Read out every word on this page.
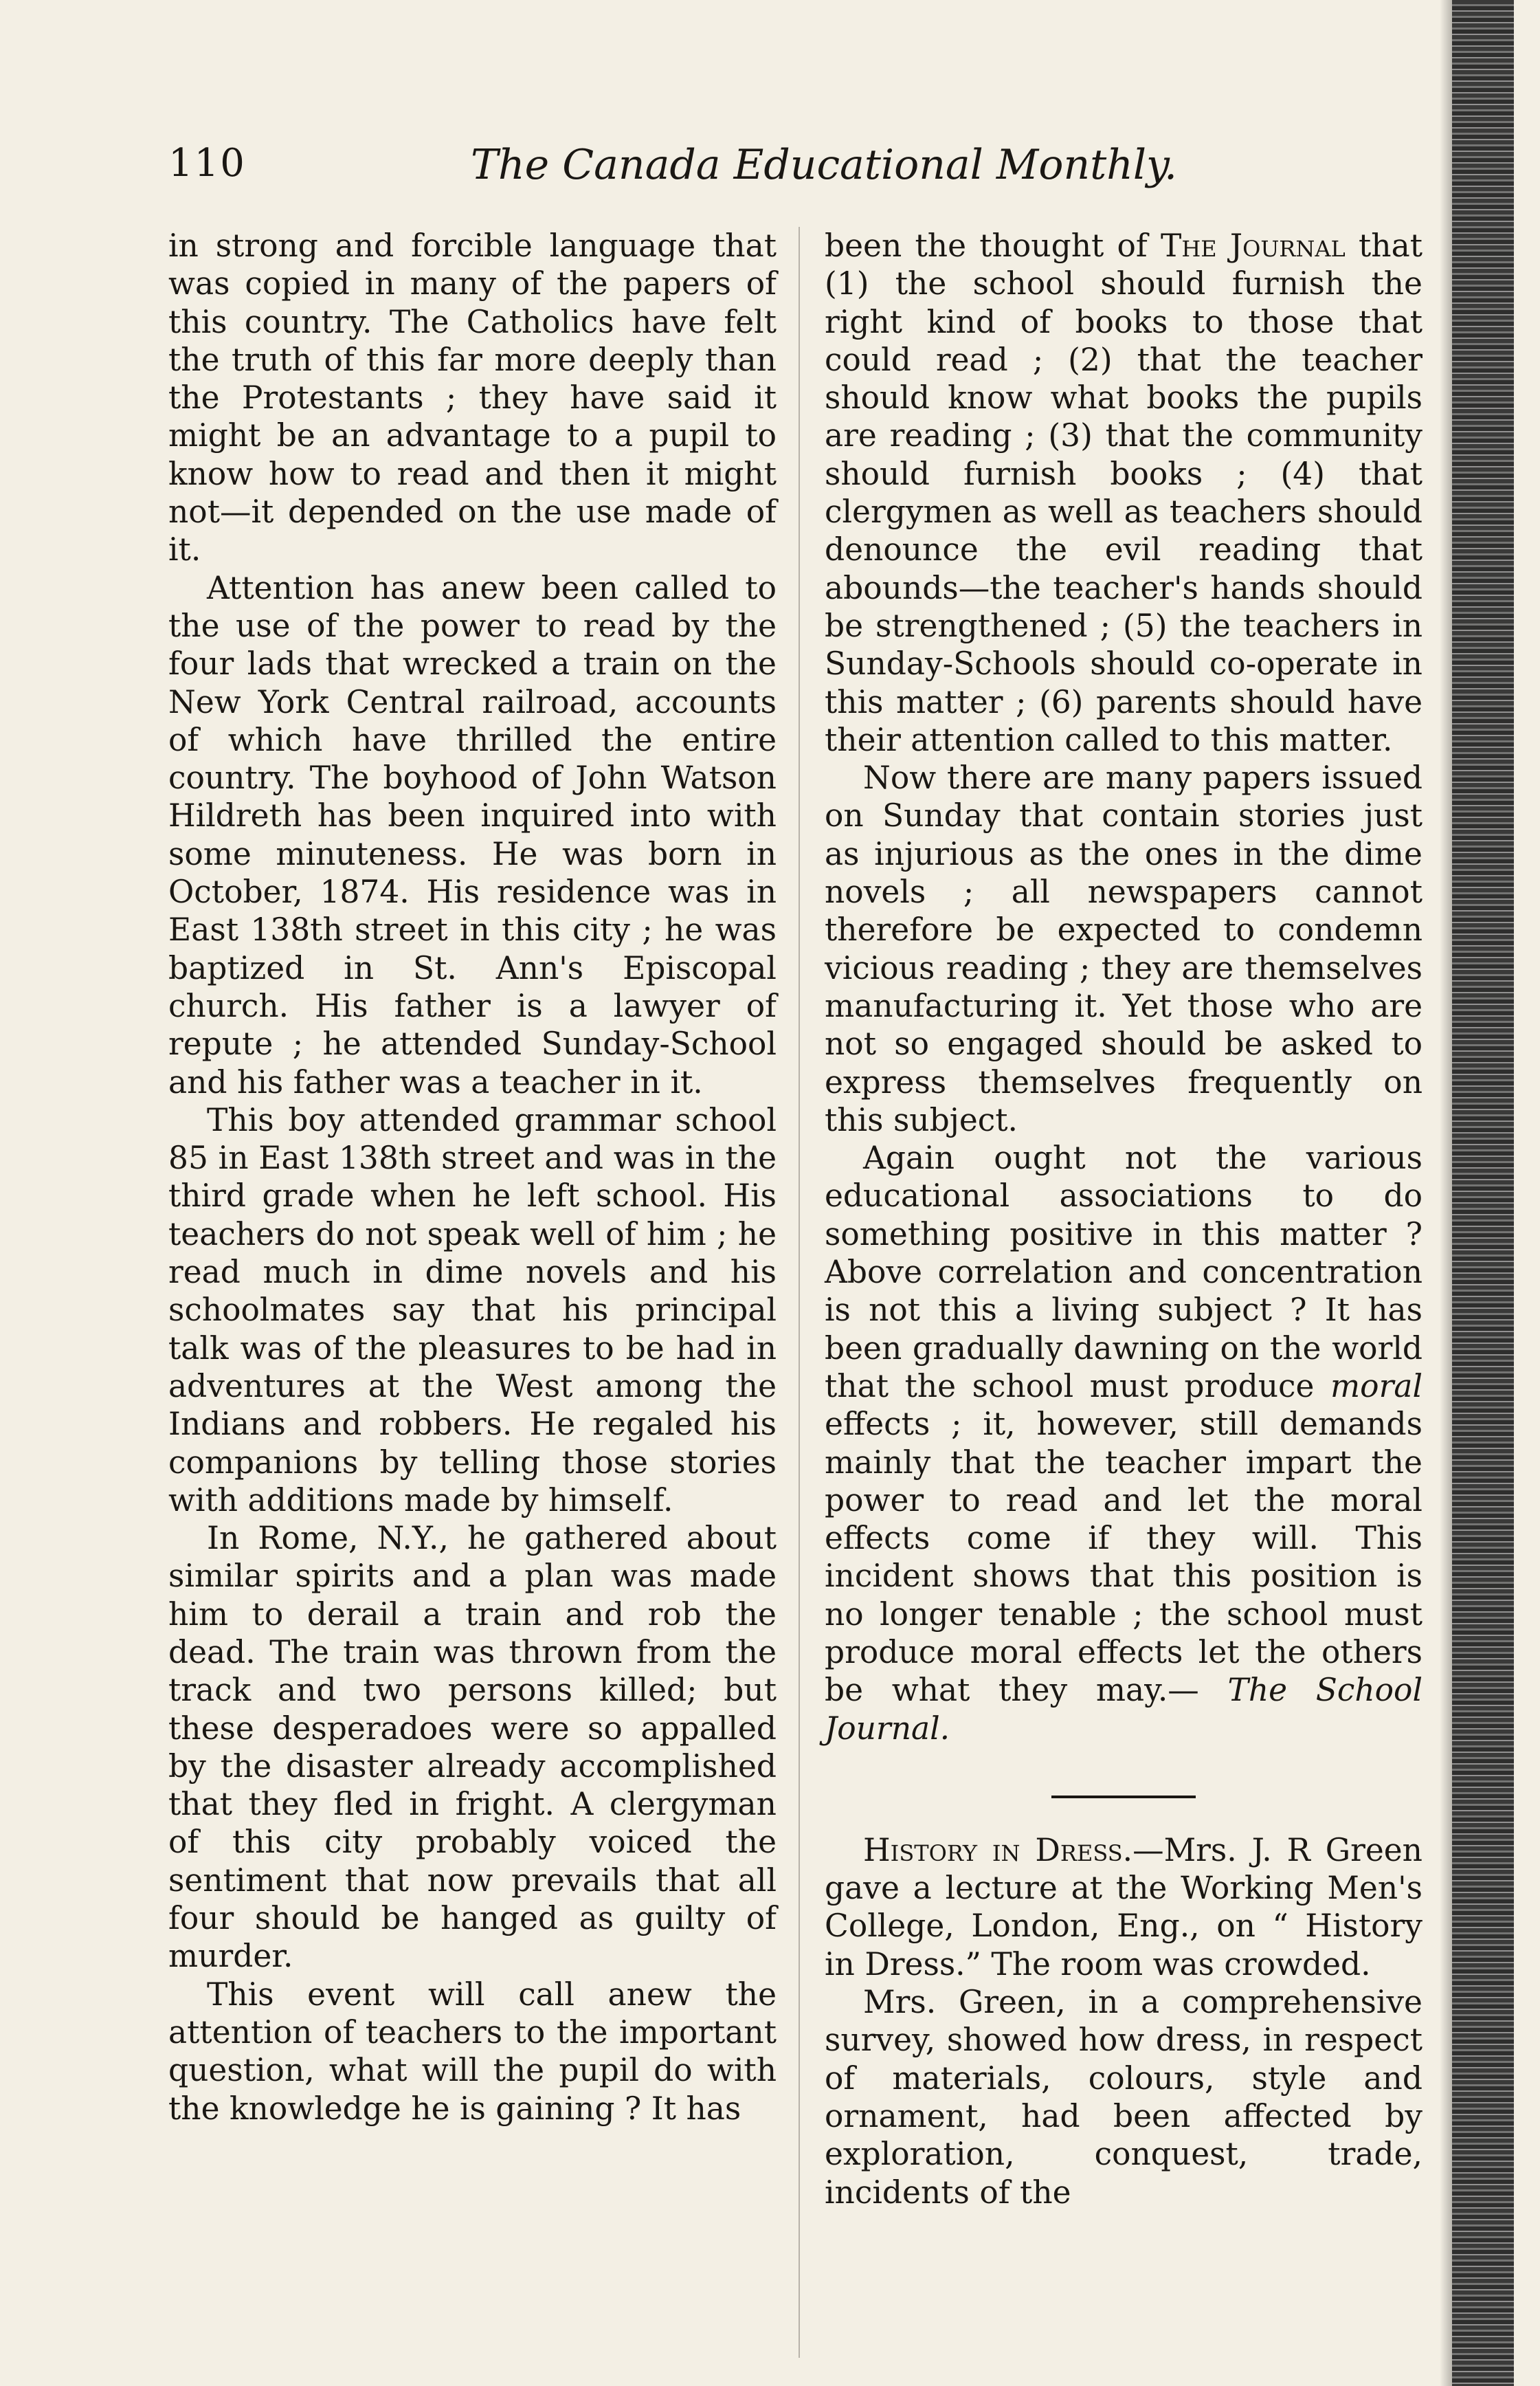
110	The Canada Educational Monthly.

in strong and forcible language that was copied in many of the papers of this country. The Catholics have felt the truth of this far more deeply than the Protestants ; they have said it might be an advantage to a pupil to know how to read and then it might not—it depended on the use made of it.

Attention has anew been called to the use of the power to read by the four lads that wrecked a train on the New York Central railroad, accounts of which have thrilled the entire country. The boyhood of John Watson Hildreth has been inquired into with some minuteness. He was born in October, 1874. His residence was in East 138th street in this city ; he was baptized in St. Ann's Episcopal church. His father is a lawyer of repute ; he attended Sunday-School and his father was a teacher in it.

This boy attended grammar school 85 in East 138th street and was in the third grade when he left school. His teachers do not speak well of him ; he read much in dime novels and his schoolmates say that his principal talk was of the pleasures to be had in adventures at the West among the Indians and robbers. He regaled his companions by telling those stories with additions made by himself.

In Rome, N.Y., he gathered about similar spirits and a plan was made him to derail a train and rob the dead. The train was thrown from the track and two persons killed; but these desperadoes were so appalled by the disaster already accomplished that they fled in fright. A clergyman of this city probably voiced the sentiment that now prevails that all four should be hanged as guilty of murder.

This event will call anew the attention of teachers to the important question, what will the pupil do with the knowledge he is gaining ? It has

been the thought of The Journal that (1) the school should furnish the right kind of books to those that could read ; (2) that the teacher should know what books the pupils are reading ; (3) that the community should furnish books ; (4) that clergymen as well as teachers should denounce the evil reading that abounds—the teacher's hands should be strengthened ; (5) the teachers in Sunday-Schools should co-operate in this matter ; (6) parents should have their attention called to this matter.

Now there are many papers issued on Sunday that contain stories just as injurious as the ones in the dime novels ; all newspapers cannot therefore be expected to condemn vicious reading ; they are themselves manufacturing it. Yet those who are not so engaged should be asked to express themselves frequently on this subject.

Again ought not the various educational associations to do something positive in this matter ? Above correlation and concentration is not this a living subject ? It has been gradually dawning on the world that the school must produce moral effects ; it, however, still demands mainly that the teacher impart the power to read and let the moral effects come if they will. This incident shows that this position is no longer tenable ; the school must produce moral effects let the others be what they may.— The School Journal.

History in Dress.—Mrs. J. R Green gave a lecture at the Working Men's College, London, Eng., on “ History in Dress.” The room was crowded.

Mrs. Green, in a comprehensive survey, showed how dress, in respect of materials, colours, style and ornament, had been affected by exploration, conquest, trade, incidents of the
